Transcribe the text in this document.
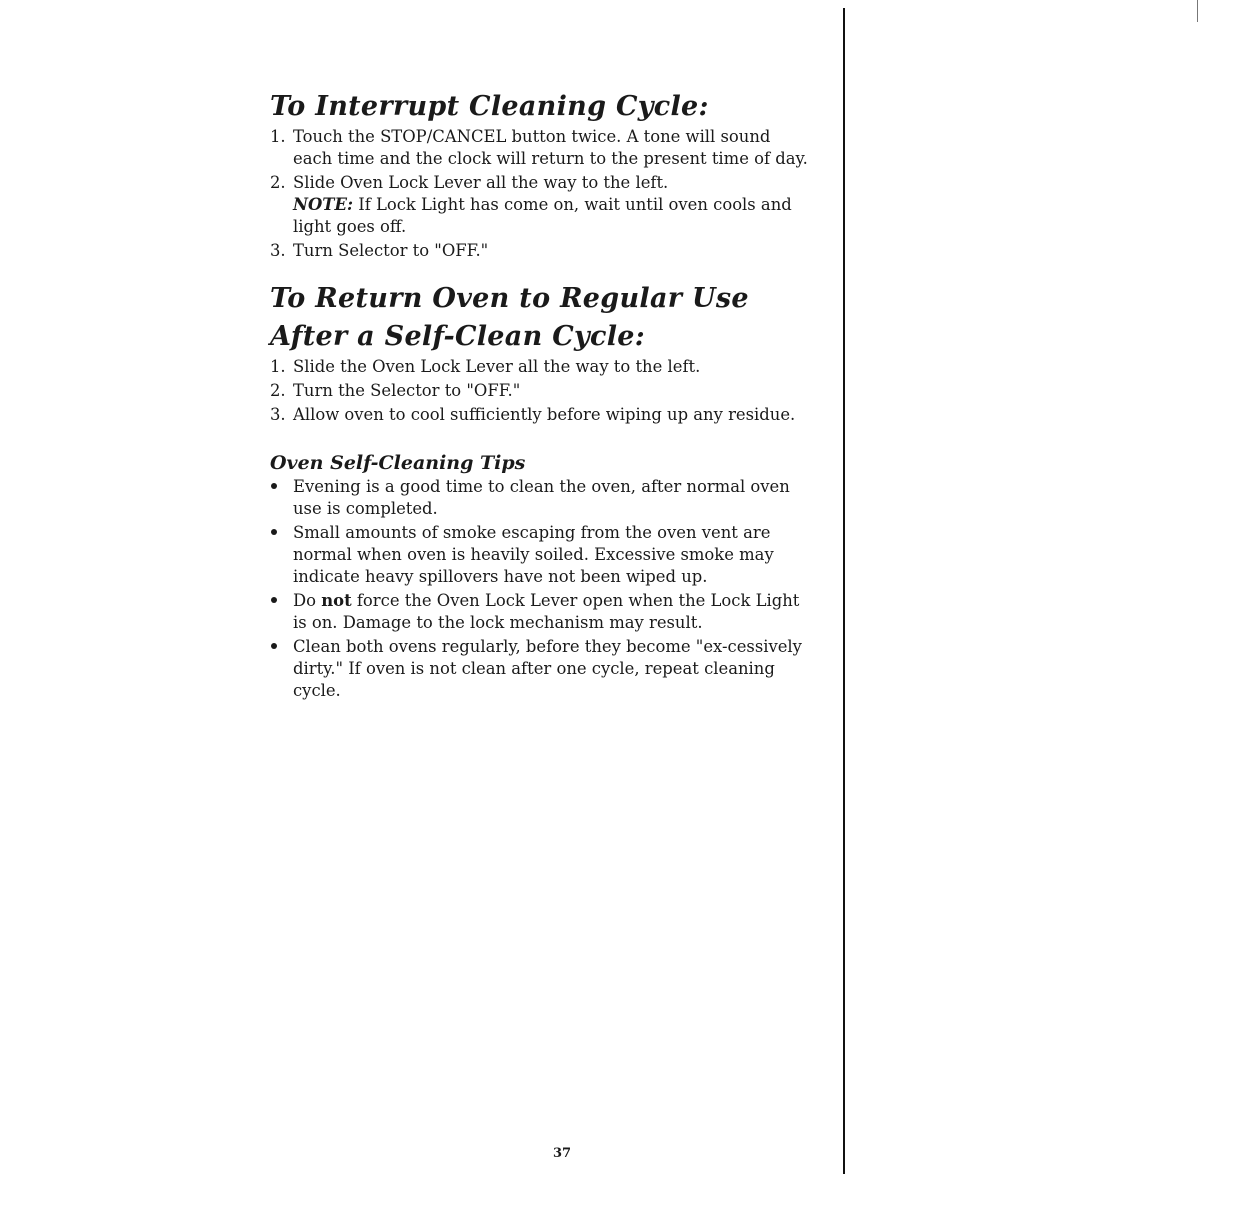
To Interrupt Cleaning Cycle:
1. Touch the STOP/CANCEL button twice. A tone will sound each time and the clock will return to the present time of day.
2. Slide Oven Lock Lever all the way to the left.
NOTE: If Lock Light has come on, wait until oven cools and light goes off.
3. Turn Selector to "OFF."
To Return Oven to Regular Use
After a Self-Clean Cycle:
1. Slide the Oven Lock Lever all the way to the left.
2. Turn the Selector to "OFF."
3. Allow oven to cool sufficiently before wiping up any residue.
Oven Self-Cleaning Tips
Evening is a good time to clean the oven, after normal oven use is completed.
Small amounts of smoke escaping from the oven vent are normal when oven is heavily soiled. Excessive smoke may indicate heavy spillovers have not been wiped up.
Do not force the Oven Lock Lever open when the Lock Light is on. Damage to the lock mechanism may result.
Clean both ovens regularly, before they become "ex-cessively dirty." If oven is not clean after one cycle, repeat cleaning cycle.
37
